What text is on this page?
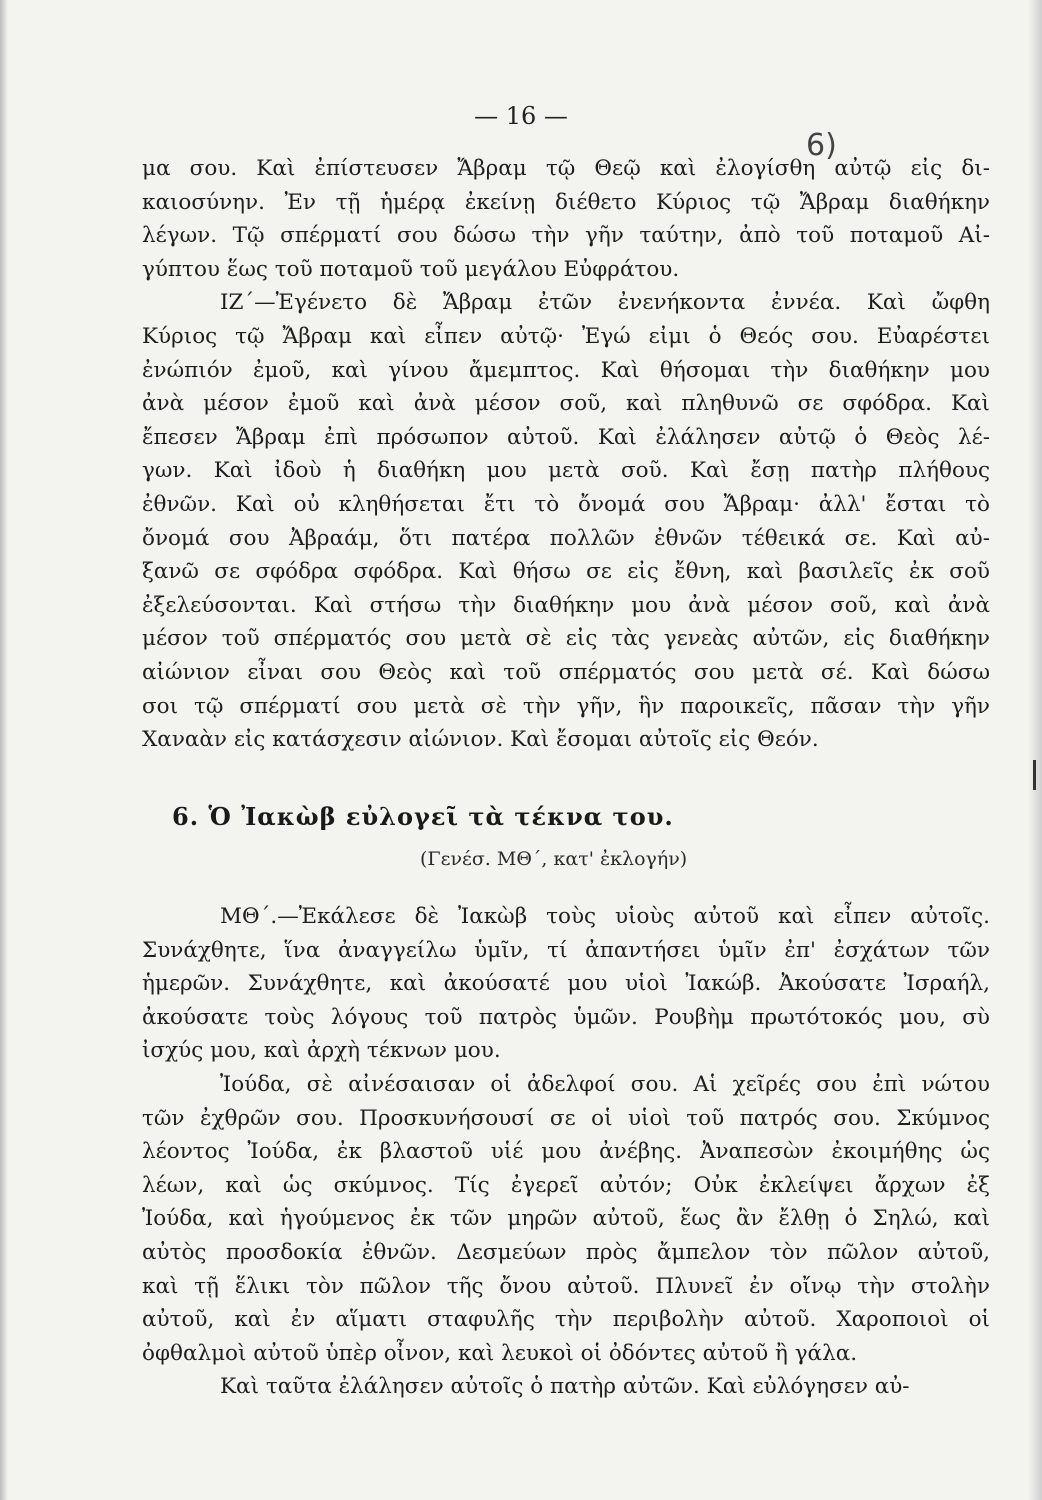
— 16 —
6)
μα σου. Καὶ ἐπίστευσεν Ἄβραμ τῷ Θεῷ καὶ ἐλογίσθη αὐτῷ εἰς δι-
καιοσύνην. Ἐν τῇ ἡμέρᾳ ἐκείνῃ διέθετο Κύριος τῷ Ἄβραμ διαθήκην
λέγων. Τῷ σπέρματί σου δώσω τὴν γῆν ταύτην, ἀπὸ τοῦ ποταμοῦ Αἰ-
γύπτου ἕως τοῦ ποταμοῦ τοῦ μεγάλου Εὐφράτου.
ΙΖ΄—Ἐγένετο δὲ Ἄβραμ ἐτῶν ἐνενήκοντα ἐννέα. Καὶ ὤφθη
Κύριος τῷ Ἄβραμ καὶ εἶπεν αὐτῷ· Ἐγώ εἰμι ὁ Θεός σου. Εὐαρέστει
ἐνώπιόν ἐμοῦ, καὶ γίνου ἄμεμπτος. Καὶ θήσομαι τὴν διαθήκην μου
ἀνὰ μέσον ἐμοῦ καὶ ἀνὰ μέσον σοῦ, καὶ πληθυνῶ σε σφόδρα. Καὶ
ἔπεσεν Ἄβραμ ἐπὶ πρόσωπον αὐτοῦ. Καὶ ἐλάλησεν αὐτῷ ὁ Θεὸς λέ-
γων. Καὶ ἰδοὺ ἡ διαθήκη μου μετὰ σοῦ. Καὶ ἔσῃ πατὴρ πλήθους
ἐθνῶν. Καὶ οὐ κληθήσεται ἔτι τὸ ὄνομά σου Ἄβραμ· ἀλλ' ἔσται τὸ
ὄνομά σου Ἀβραάμ, ὅτι πατέρα πολλῶν ἐθνῶν τέθεικά σε. Καὶ αὐ-
ξανῶ σε σφόδρα σφόδρα. Καὶ θήσω σε εἰς ἔθνη, καὶ βασιλεῖς ἐκ σοῦ
ἐξελεύσονται. Καὶ στήσω τὴν διαθήκην μου ἀνὰ μέσον σοῦ, καὶ ἀνὰ
μέσον τοῦ σπέρματός σου μετὰ σὲ εἰς τὰς γενεὰς αὐτῶν, εἰς διαθήκην
αἰώνιον εἶναι σου Θεὸς καὶ τοῦ σπέρματός σου μετὰ σέ. Καὶ δώσω
σοι τῷ σπέρματί σου μετὰ σὲ τὴν γῆν, ἣν παροικεῖς, πᾶσαν τὴν γῆν
Χαναὰν εἰς κατάσχεσιν αἰώνιον. Καὶ ἔσομαι αὐτοῖς εἰς Θεόν.
6. Ὁ Ἰακὼβ εὐλογεῖ τὰ τέκνα του.
(Γενέσ. ΜΘ΄, κατ' ἐκλογήν)
ΜΘ΄.—Ἐκάλεσε δὲ Ἰακὼβ τοὺς υἱοὺς αὐτοῦ καὶ εἶπεν αὐτοῖς.
Συνάχθητε, ἵνα ἀναγγείλω ὑμῖν, τί ἀπαντήσει ὑμῖν ἐπ' ἐσχάτων τῶν
ἡμερῶν. Συνάχθητε, καὶ ἀκούσατέ μου υἱοὶ Ἰακώβ. Ἀκούσατε Ἰσραήλ,
ἀκούσατε τοὺς λόγους τοῦ πατρὸς ὑμῶν. Ρουβὴμ πρωτότοκός μου, σὺ
ἰσχύς μου, καὶ ἀρχὴ τέκνων μου.
Ἰούδα, σὲ αἰνέσαισαν οἱ ἀδελφοί σου. Αἱ χεῖρές σου ἐπὶ νώτου
τῶν ἐχθρῶν σου. Προσκυνήσουσί σε οἱ υἱοὶ τοῦ πατρός σου. Σκύμνος
λέοντος Ἰούδα, ἐκ βλαστοῦ υἱέ μου ἀνέβης. Ἀναπεσὼν ἐκοιμήθης ὡς
λέων, καὶ ὡς σκύμνος. Τίς ἐγερεῖ αὐτόν; Οὐκ ἐκλείψει ἄρχων ἐξ
Ἰούδα, καὶ ἡγούμενος ἐκ τῶν μηρῶν αὐτοῦ, ἕως ἂν ἔλθῃ ὁ Σηλώ, καὶ
αὐτὸς προσδοκία ἐθνῶν. Δεσμεύων πρὸς ἄμπελον τὸν πῶλον αὐτοῦ,
καὶ τῇ ἕλικι τὸν πῶλον τῆς ὄνου αὐτοῦ. Πλυνεῖ ἐν οἴνῳ τὴν στολὴν
αὐτοῦ, καὶ ἐν αἵματι σταφυλῆς τὴν περιβολὴν αὐτοῦ. Χαροποιοὶ οἱ
ὀφθαλμοὶ αὐτοῦ ὑπὲρ οἶνον, καὶ λευκοὶ οἱ ὀδόντες αὐτοῦ ἢ γάλα.
Καὶ ταῦτα ἐλάλησεν αὐτοῖς ὁ πατὴρ αὐτῶν. Καὶ εὐλόγησεν αὐ-
